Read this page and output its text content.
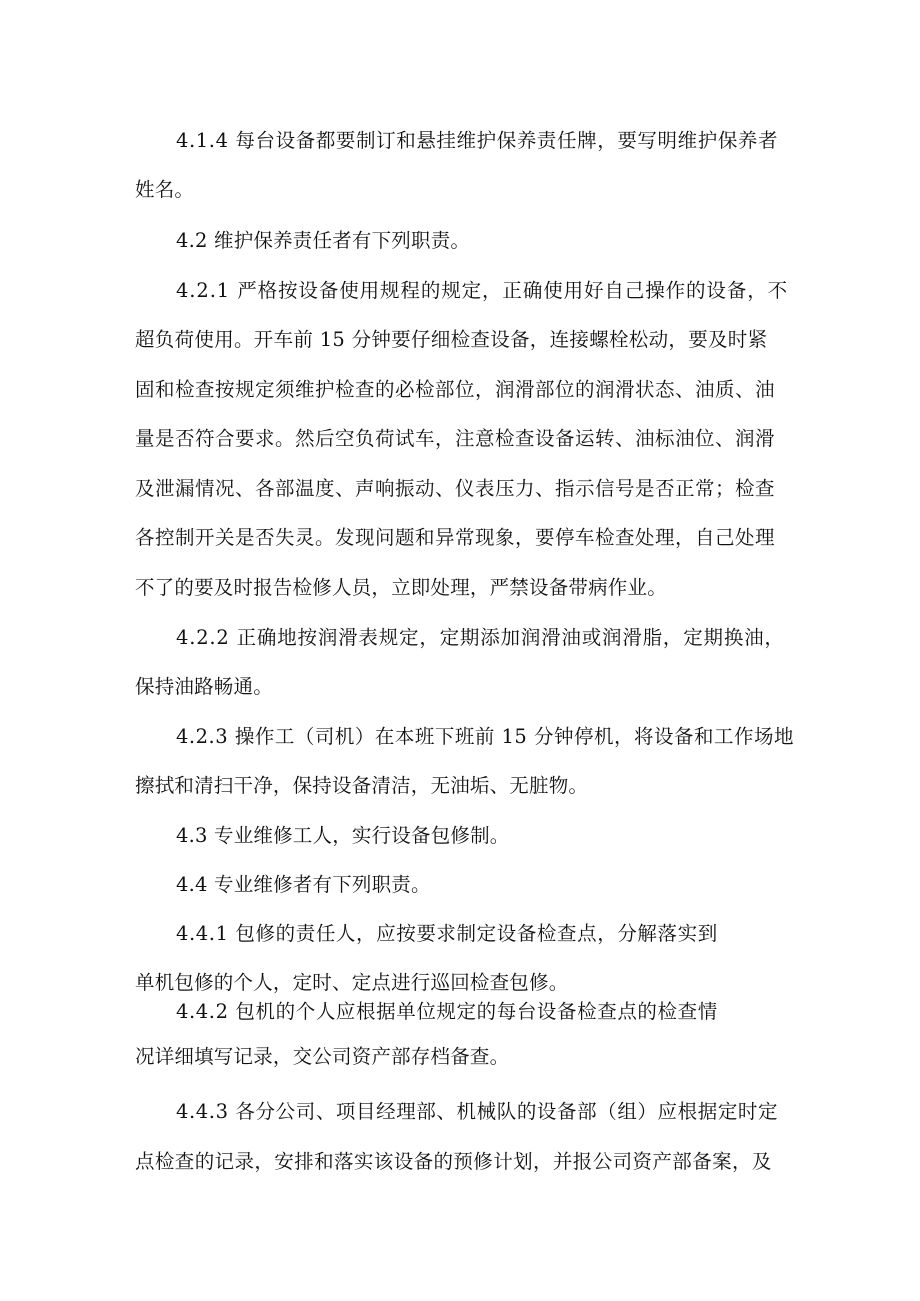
4.1.4 每台设备都要制订和悬挂维护保养责任牌，要写明维护保养者
姓名。
4.2 维护保养责任者有下列职责。
4.2.1 严格按设备使用规程的规定，正确使用好自己操作的设备，不
超负荷使用。开车前 15 分钟要仔细检查设备，连接螺栓松动，要及时紧
固和检查按规定须维护检查的必检部位，润滑部位的润滑状态、油质、油
量是否符合要求。然后空负荷试车，注意检查设备运转、油标油位、润滑
及泄漏情况、各部温度、声响振动、仪表压力、指示信号是否正常；检查
各控制开关是否失灵。发现问题和异常现象，要停车检查处理，自己处理
不了的要及时报告检修人员，立即处理，严禁设备带病作业。
4.2.2 正确地按润滑表规定，定期添加润滑油或润滑脂，定期换油，
保持油路畅通。
4.2.3 操作工（司机）在本班下班前 15 分钟停机，将设备和工作场地
擦拭和清扫干净，保持设备清洁，无油垢、无脏物。
4.3 专业维修工人，实行设备包修制。
4.4 专业维修者有下列职责。
4.4.1 包修的责任人，应按要求制定设备检查点，分解落实到
单机包修的个人，定时、定点进行巡回检查包修。
4.4.2 包机的个人应根据单位规定的每台设备检查点的检查情
况详细填写记录，交公司资产部存档备查。
4.4.3 各分公司、项目经理部、机械队的设备部（组）应根据定时定
点检查的记录，安排和落实该设备的预修计划，并报公司资产部备案，及
